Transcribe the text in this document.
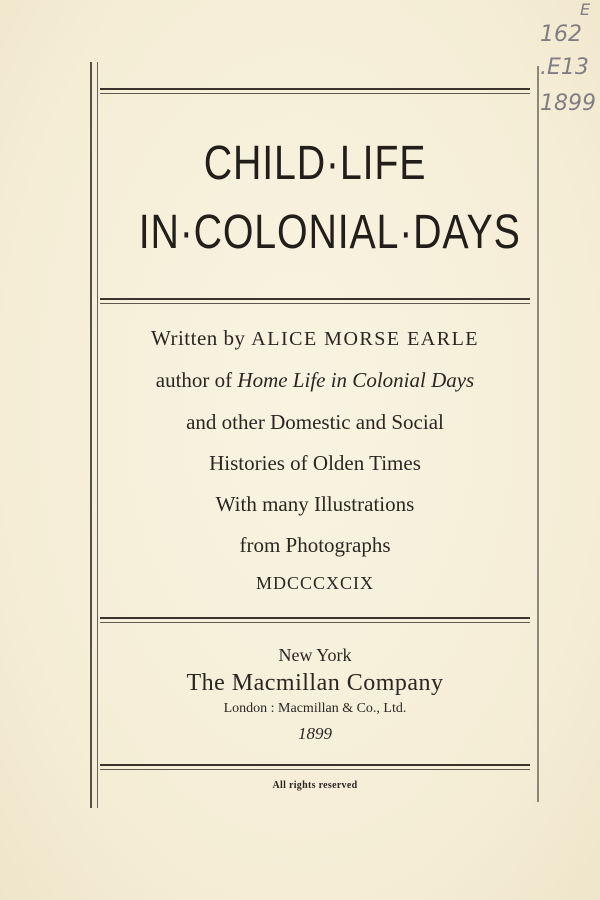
CHILD·LIFE
IN·COLONIAL·DAYS
Written by ALICE MORSE EARLE
author of Home Life in Colonial Days
and other Domestic and Social
Histories of Olden Times
With many Illustrations
from Photographs
MDCCCXCIX
New York
The Macmillan Company
London : Macmillan & Co., Ltd.
1899
All rights reserved
E
162
.E13
1899
